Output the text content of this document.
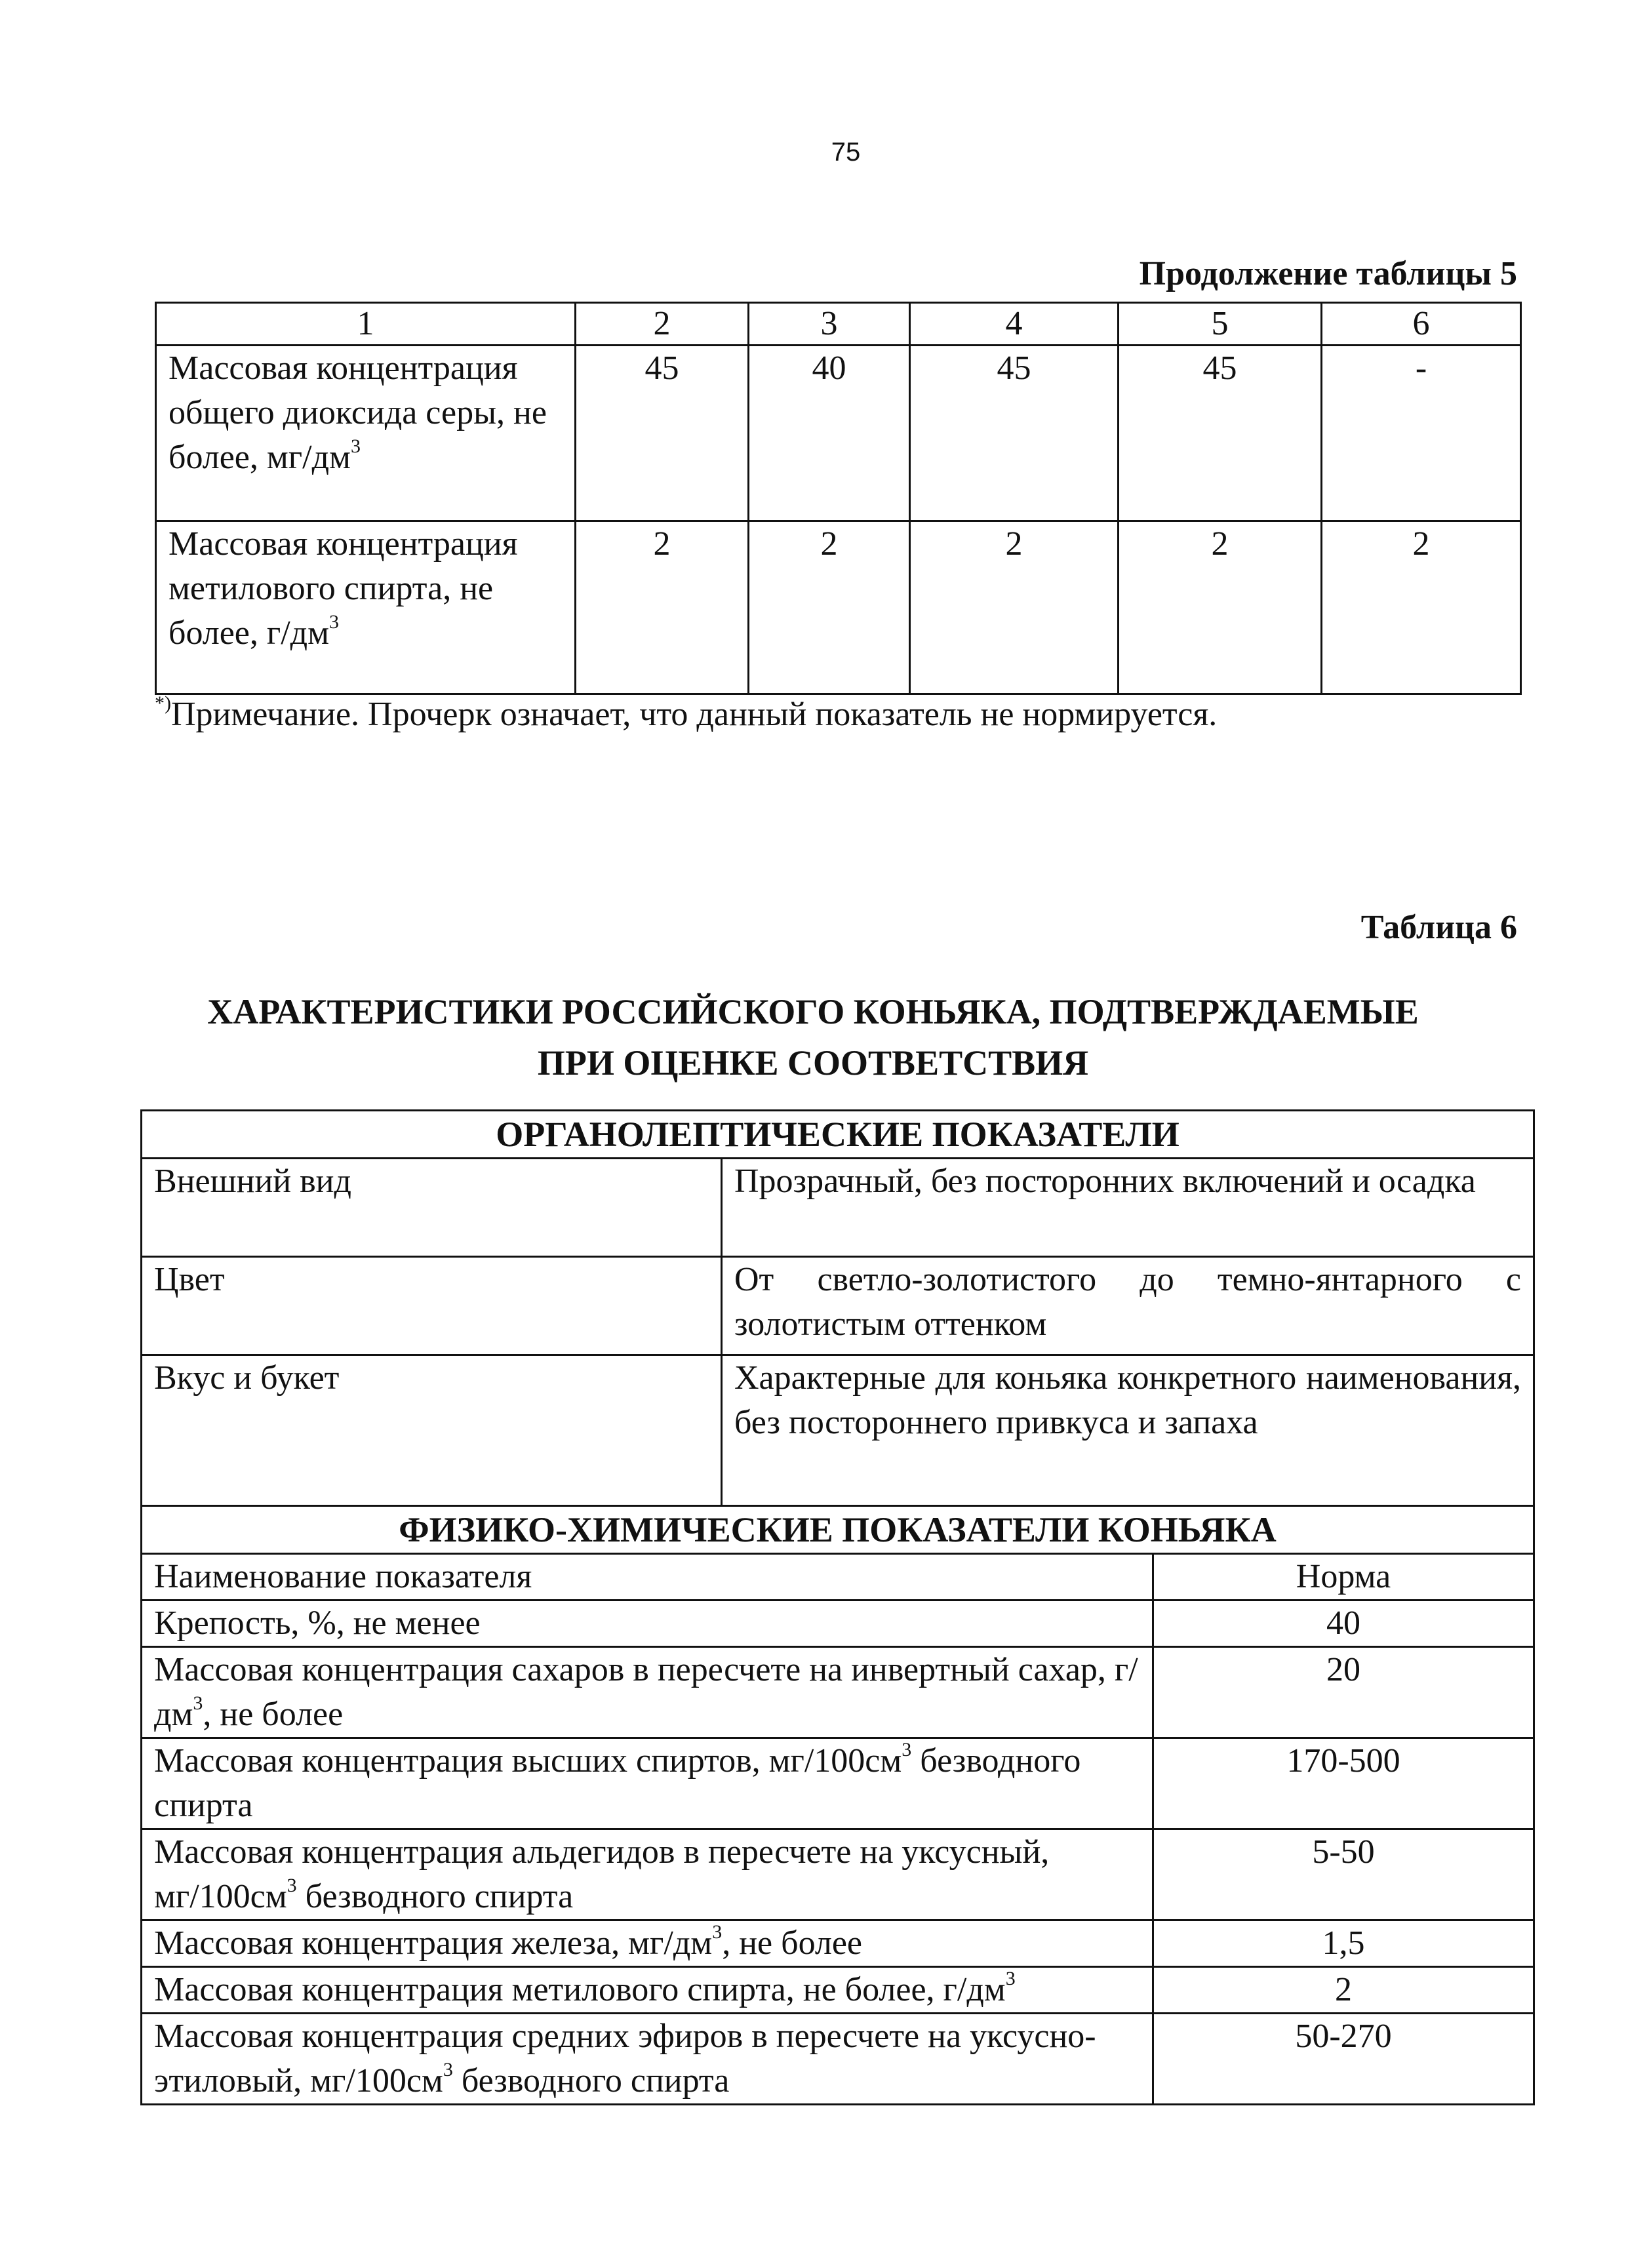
75
Продолжение таблицы 5
1	2	3	4	5	6
Массовая концентрация общего диоксида серы, не более, $мг/дм^3$	45	40	45	45	-
Массовая концентрация метилового спирта, не более, $г/дм^3$	2	2	2	2	2
*)Примечание. Прочерк означает, что данный показатель не нормируется.
Таблица 6
ХАРАКТЕРИСТИКИ РОССИЙСКОГО КОНЬЯКА, ПОДТВЕРЖДАЕМЫЕ
ПРИ ОЦЕНКЕ СООТВЕТСТВИЯ
ОРГАНОЛЕПТИЧЕСКИЕ ПОКАЗАТЕЛИ		
Внешний вид	Прозрачный, без посторонних включений и осадка	
Цвет	От светло-золотистого до темно-янтарного с золотистым оттенком	
Вкус и букет	Характерные для коньяка конкретного наименования, без постороннего привкуса и запаха	
ФИЗИКО-ХИМИЧЕСКИЕ ПОКАЗАТЕЛИ КОНЬЯКА		
Наименование показателя		Норма
Крепость, %, не менее		40
Массовая концентрация сахаров в пересчете на инвертный сахар, $г/дм^3$, не более		20
Массовая концентрация высших спиртов, $мг/100см^3$ безводного спирта		170-500
Массовая концентрация альдегидов в пересчете на уксусный, $мг/100см^3$ безводного спирта		5-50
Массовая концентрация железа, $мг/дм^3$, не более		1,5
Массовая концентрация метилового спирта, не более, $г/дм^3$		2
Массовая концентрация средних эфиров в пересчете на уксусно-этиловый, $мг/100см^3$ безводного спирта		50-270
